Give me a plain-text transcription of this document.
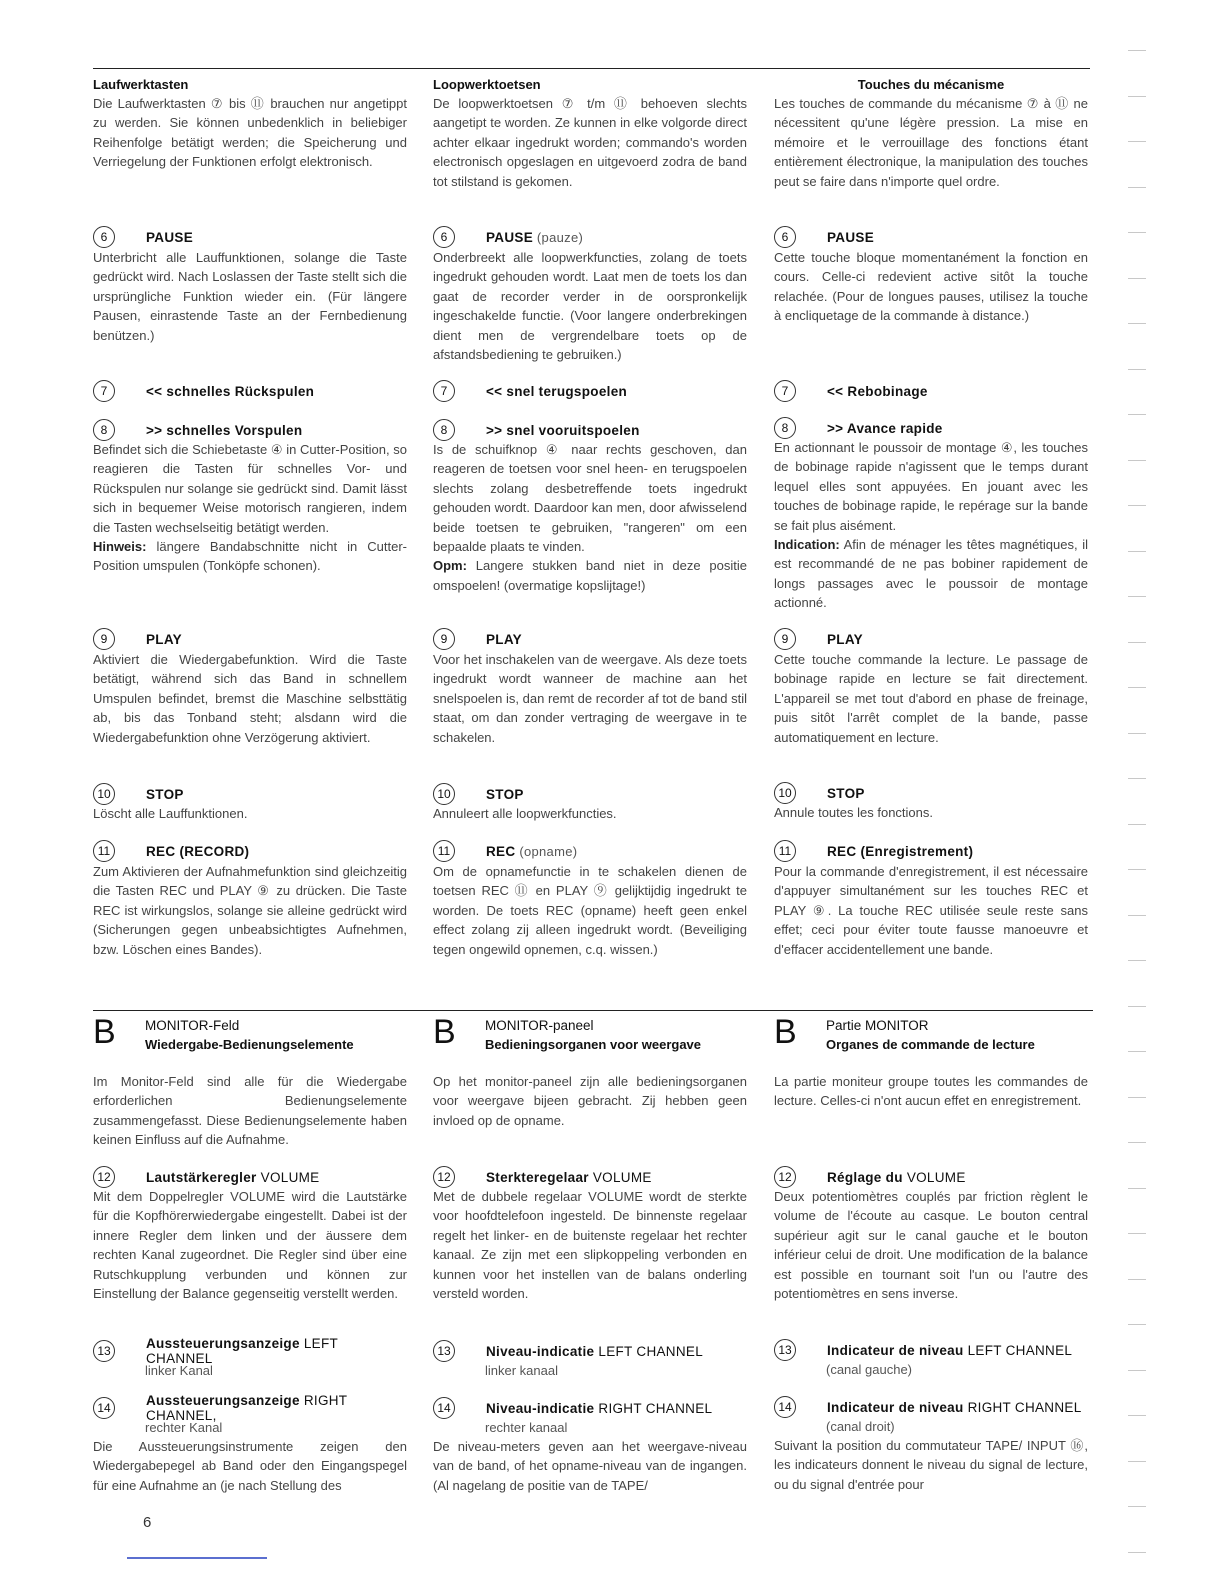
Laufwerktasten

Die Laufwerktasten ⑦ bis ⑪ brauchen nur angetippt zu werden. Sie können unbedenklich in beliebiger Reihenfolge betätigt werden; die Speicherung und Verriegelung der Funktionen erfolgt elektronisch.

6	PAUSE

Unterbricht alle Lauffunktionen, solange die Taste gedrückt wird. Nach Loslassen der Taste stellt sich die ursprüngliche Funktion wieder ein. (Für längere Pausen, einrastende Taste an der Fernbedienung benützen.)

7	<< schnelles Rückspulen
8	>> schnelles Vorspulen

Befindet sich die Schiebetaste ④ in Cutter-Position, so reagieren die Tasten für schnelles Vor- und Rückspulen nur solange sie gedrückt sind. Damit lässt sich in bequemer Weise motorisch rangieren, indem die Tasten wechselseitig betätigt werden.
Hinweis: längere Bandabschnitte nicht in Cutter-Position umspulen (Tonköpfe schonen).

9	PLAY

Aktiviert die Wiedergabefunktion. Wird die Taste betätigt, während sich das Band in schnellem Umspulen befindet, bremst die Maschine selbsttätig ab, bis das Tonband steht; alsdann wird die Wiedergabefunktion ohne Verzögerung aktiviert.

10	STOP

Löscht alle Lauffunktionen.

11	REC (RECORD)

Zum Aktivieren der Aufnahmefunktion sind gleichzeitig die Tasten REC und PLAY ⑨ zu drücken. Die Taste REC ist wirkungslos, solange sie alleine gedrückt wird (Sicherungen gegen unbeabsichtigtes Aufnehmen, bzw. Löschen eines Bandes).

B	MONITOR-Feld
Wiedergabe-Bedienungselemente

Im Monitor-Feld sind alle für die Wiedergabe erforderlichen Bedienungselemente zusammengefasst. Diese Bedienungselemente haben keinen Einfluss auf die Aufnahme.

12	Lautstärkeregler VOLUME

Mit dem Doppelregler VOLUME wird die Lautstärke für die Kopfhörerwiedergabe eingestellt. Dabei ist der innere Regler dem linken und der äussere dem rechten Kanal zugeordnet. Die Regler sind über eine Rutschkupplung verbunden und können zur Einstellung der Balance gegenseitig verstellt werden.

13	Aussteuerungsanzeige LEFT CHANNEL

linker Kanal

14	Aussteuerungsanzeige RIGHT CHANNEL,

rechter Kanal

Die Aussteuerungsinstrumente zeigen den Wiedergabepegel ab Band oder den Eingangspegel für eine Aufnahme an (je nach Stellung des

Loopwerktoetsen

De loopwerktoetsen ⑦ t/m ⑪ behoeven slechts aangetipt te worden. Ze kunnen in elke volgorde direct achter elkaar ingedrukt worden; commando's worden electronisch opgeslagen en uitgevoerd zodra de band tot stilstand is gekomen.

6	PAUSE (pauze)

Onderbreekt alle loopwerkfuncties, zolang de toets ingedrukt gehouden wordt. Laat men de toets los dan gaat de recorder verder in de oorspronkelijk ingeschakelde functie. (Voor langere onderbrekingen dient men de vergrendelbare toets op de afstandsbediening te gebruiken.)

7	<< snel terugspoelen
8	>> snel vooruitspoelen

Is de schuifknop ④ naar rechts geschoven, dan reageren de toetsen voor snel heen- en terugspoelen slechts zolang desbetreffende toets ingedrukt gehouden wordt. Daardoor kan men, door afwisselend beide toetsen te gebruiken, "rangeren" om een bepaalde plaats te vinden.
Opm: Langere stukken band niet in deze positie omspoelen! (overmatige kopslijtage!)

9	PLAY

Voor het inschakelen van de weergave. Als deze toets ingedrukt wordt wanneer de machine aan het snelspoelen is, dan remt de recorder af tot de band stil staat, om dan zonder vertraging de weergave in te schakelen.

10	STOP

Annuleert alle loopwerkfuncties.

11	REC (opname)

Om de opnamefunctie in te schakelen dienen de toetsen REC ⑪ en PLAY ⑨ gelijktijdig ingedrukt te worden. De toets REC (opname) heeft geen enkel effect zolang zij alleen ingedrukt wordt. (Beveiliging tegen ongewild opnemen, c.q. wissen.)

B	MONITOR-paneel
Bedieningsorganen voor weergave

Op het monitor-paneel zijn alle bedieningsorganen voor weergave bijeen gebracht. Zij hebben geen invloed op de opname.

12	Sterkteregelaar VOLUME

Met de dubbele regelaar VOLUME wordt de sterkte voor hoofdtelefoon ingesteld. De binnenste regelaar regelt het linker- en de buitenste regelaar het rechter kanaal. Ze zijn met een slipkoppeling verbonden en kunnen voor het instellen van de balans onderling versteld worden.

13	Niveau-indicatie LEFT CHANNEL

linker kanaal

14	Niveau-indicatie RIGHT CHANNEL

rechter kanaal

De niveau-meters geven aan het weergave-niveau van de band, of het opname-niveau van de ingangen. (Al nagelang de positie van de TAPE/

Touches du mécanisme

Les touches de commande du mécanisme ⑦ à ⑪ ne nécessitent qu'une légère pression. La mise en mémoire et le verrouillage des fonctions étant entièrement électronique, la manipulation des touches peut se faire dans n'importe quel ordre.

6	PAUSE

Cette touche bloque momentanément la fonction en cours. Celle-ci redevient active sitôt la touche relachée. (Pour de longues pauses, utilisez la touche à encliquetage de la commande à distance.)

7	<< Rebobinage
8	>> Avance rapide

En actionnant le poussoir de montage ④, les touches de bobinage rapide n'agissent que le temps durant lequel elles sont appuyées. En jouant avec les touches de bobinage rapide, le repérage sur la bande se fait plus aisément.
Indication: Afin de ménager les têtes magnétiques, il est recommandé de ne pas bobiner rapidement de longs passages avec le poussoir de montage actionné.

9	PLAY

Cette touche commande la lecture. Le passage de bobinage rapide en lecture se fait directement. L'appareil se met tout d'abord en phase de freinage, puis sitôt l'arrêt complet de la bande, passe automatiquement en lecture.

10	STOP

Annule toutes les fonctions.

11	REC (Enregistrement)

Pour la commande d'enregistrement, il est nécessaire d'appuyer simultanément sur les touches REC et PLAY ⑨. La touche REC utilisée seule reste sans effet; ceci pour éviter toute fausse manoeuvre et d'effacer accidentellement une bande.

B	Partie MONITOR
Organes de commande de lecture

La partie moniteur groupe toutes les commandes de lecture. Celles-ci n'ont aucun effet en enregistrement.

12	Réglage du VOLUME

Deux potentiomètres couplés par friction règlent le volume de l'écoute au casque. Le bouton central supérieur agit sur le canal gauche et le bouton inférieur celui de droit. Une modification de la balance est possible en tournant soit l'un ou l'autre des potentiomètres en sens inverse.

13	Indicateur de niveau LEFT CHANNEL

(canal gauche)

14	Indicateur de niveau RIGHT CHANNEL

(canal droit)

Suivant la position du commutateur TAPE/ INPUT ⑯, les indicateurs donnent le niveau du signal de lecture, ou du signal d'entrée pour

6
